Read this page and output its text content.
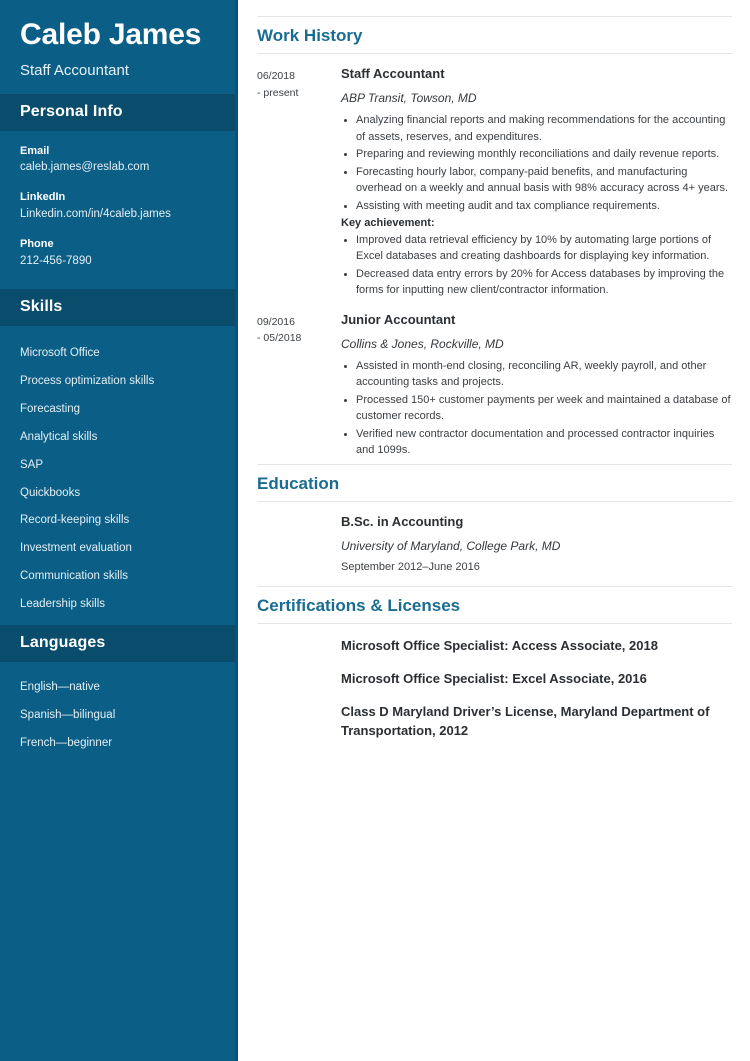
Caleb James
Staff Accountant
Personal Info
Email
caleb.james@reslab.com
LinkedIn
Linkedin.com/in/4caleb.james
Phone
212-456-7890
Skills
Microsoft Office
Process optimization skills
Forecasting
Analytical skills
SAP
Quickbooks
Record-keeping skills
Investment evaluation
Communication skills
Leadership skills
Languages
English—native
Spanish—bilingual
French—beginner
Work History
06/2018
- present
Staff Accountant
ABP Transit, Towson, MD
• Analyzing financial reports and making recommendations for the accounting of assets, reserves, and expenditures.
• Preparing and reviewing monthly reconciliations and daily revenue reports.
• Forecasting hourly labor, company-paid benefits, and manufacturing overhead on a weekly and annual basis with 98% accuracy across 4+ years.
• Assisting with meeting audit and tax compliance requirements.
Key achievement:
• Improved data retrieval efficiency by 10% by automating large portions of Excel databases and creating dashboards for displaying key information.
• Decreased data entry errors by 20% for Access databases by improving the forms for inputting new client/contractor information.
09/2016
- 05/2018
Junior Accountant
Collins & Jones, Rockville, MD
• Assisted in month-end closing, reconciling AR, weekly payroll, and other accounting tasks and projects.
• Processed 150+ customer payments per week and maintained a database of customer records.
• Verified new contractor documentation and processed contractor inquiries and 1099s.
Education
B.Sc. in Accounting
University of Maryland, College Park, MD
September 2012–June 2016
Certifications & Licenses
Microsoft Office Specialist: Access Associate, 2018
Microsoft Office Specialist: Excel Associate, 2016
Class D Maryland Driver’s License, Maryland Department of Transportation, 2012
